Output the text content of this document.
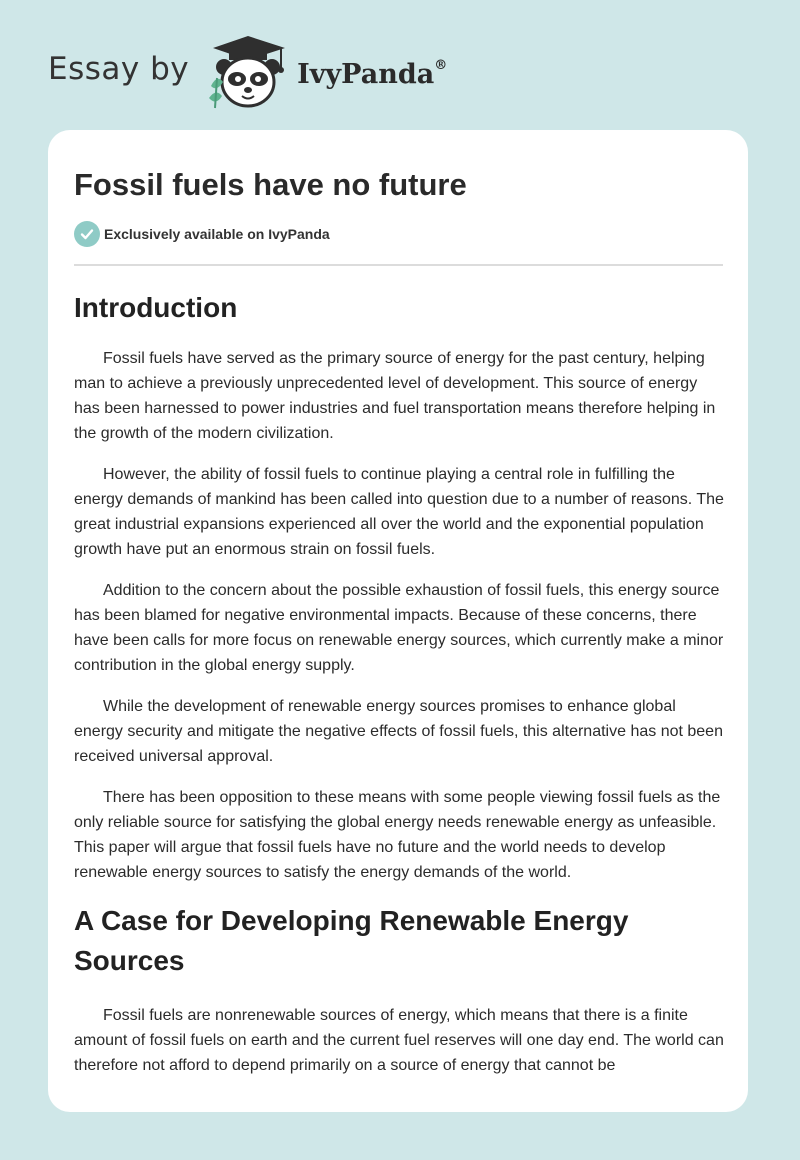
Essay by	IvyPanda®
Fossil fuels have no future
Exclusively available on IvyPanda
Introduction

Fossil fuels have served as the primary source of energy for the past century, helping man to achieve a previously unprecedented level of development. This source of energy has been harnessed to power industries and fuel transportation means therefore helping in the growth of the modern civilization.

However, the ability of fossil fuels to continue playing a central role in fulfilling the energy demands of mankind has been called into question due to a number of reasons. The great industrial expansions experienced all over the world and the exponential population growth have put an enormous strain on fossil fuels.

Addition to the concern about the possible exhaustion of fossil fuels, this energy source has been blamed for negative environmental impacts. Because of these concerns, there have been calls for more focus on renewable energy sources, which currently make a minor contribution in the global energy supply.

While the development of renewable energy sources promises to enhance global energy security and mitigate the negative effects of fossil fuels, this alternative has not been received universal approval.

There has been opposition to these means with some people viewing fossil fuels as the only reliable source for satisfying the global energy needs renewable energy as unfeasible. This paper will argue that fossil fuels have no future and the world needs to develop renewable energy sources to satisfy the energy demands of the world.

A Case for Developing Renewable Energy Sources

Fossil fuels are nonrenewable sources of energy, which means that there is a finite amount of fossil fuels on earth and the current fuel reserves will one day end. The world can therefore not afford to depend primarily on a source of energy that cannot be
